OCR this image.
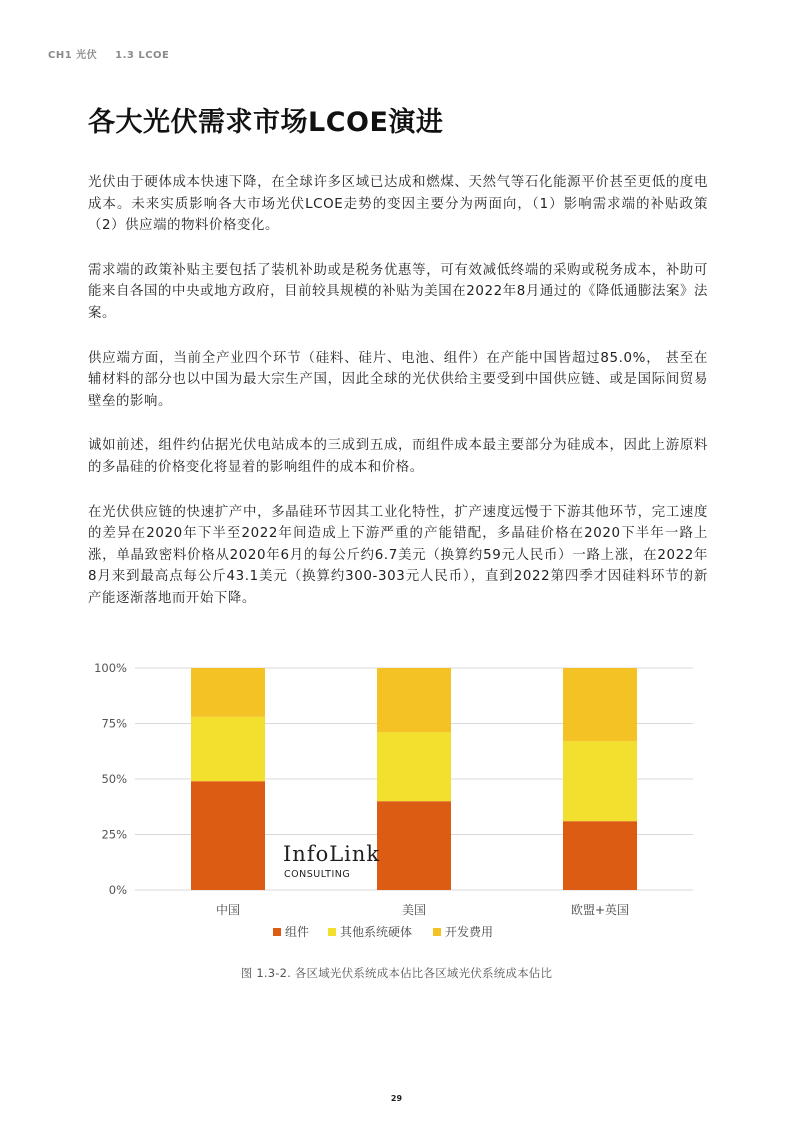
CH1 光伏 1.3 LCOE
各大光伏需求市场LCOE演进

光伏由于硬体成本快速下降，在全球许多区域已达成和燃煤、天然气等石化能源平价甚至更低的度电成本。未来实质影响各大市场光伏LCOE走势的变因主要分为两面向，（1）影响需求端的补贴政策（2）供应端的物料价格变化。

需求端的政策补贴主要包括了装机补助或是税务优惠等，可有效减低终端的采购或税务成本，补助可能来自各国的中央或地方政府，目前较具规模的补贴为美国在2022年8月通过的《降低通膨法案》法案。

供应端方面，当前全产业四个环节（硅料、硅片、电池、组件）在产能中国皆超过85.0%， 甚至在辅材料的部分也以中国为最大宗生产国，因此全球的光伏供给主要受到中国供应链、或是国际间贸易壁垒的影响。

诚如前述，组件约佔据光伏电站成本的三成到五成，而组件成本最主要部分为硅成本，因此上游原料的多晶硅的价格变化将显着的影响组件的成本和价格。

在光伏供应链的快速扩产中，多晶硅环节因其工业化特性，扩产速度远慢于下游其他环节，完工速度的差异在2020年下半至2022年间造成上下游严重的产能错配，多晶硅价格在2020下半年一路上涨，单晶致密料价格从2020年6月的每公斤约6.7美元（换算约59元人民币）一路上涨，在2022年8月来到最高点每公斤43.1美元（换算约300-303元人民币），直到2022第四季才因硅料环节的新产能逐渐落地而开始下降。

0%
25%
50%
75%
100%
中国	美国	欧盟+英国
InfoLink
CONSULTING
组件	其他系统硬体	开发费用
图 1.3-2. 各区域光伏系统成本佔比各区域光伏系统成本佔比
29
